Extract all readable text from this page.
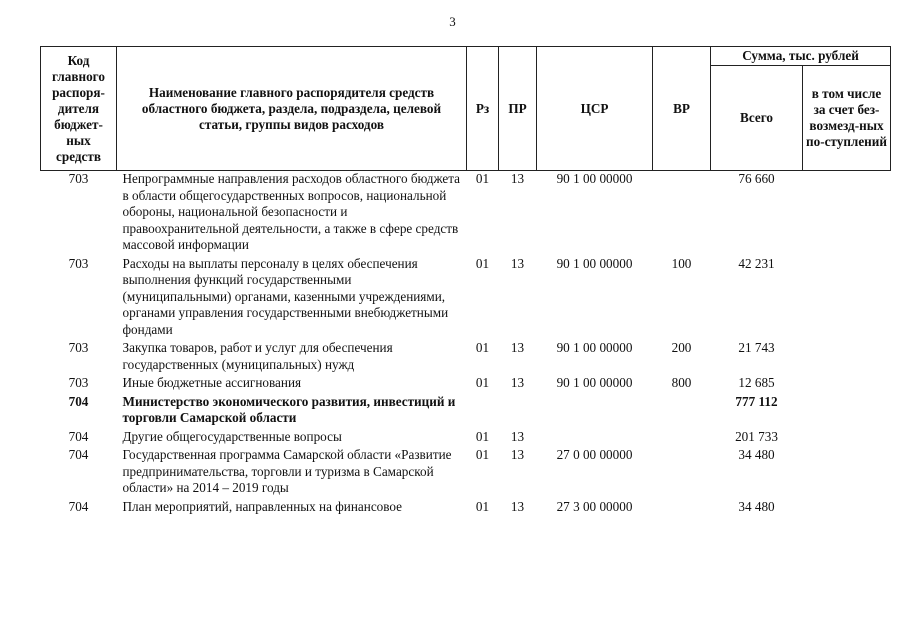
3
Код главного распоря-дителя бюджет-ных средств	Наименование главного распорядителя средств областного бюджета, раздела, подраздела, целевой статьи, группы видов расходов	Рз	ПР	ЦСР	ВР	Сумма, тыс. рублей	
						Всего	в том числе за счет без-возмезд-ных по-ступлений
703	Непрограммные направления расходов областного бюджета в области общегосударственных вопросов, национальной обороны, национальной безопасности и правоохранительной деятельности, а также в сфере средств массовой информации	01	13	90 1 00 00000		76 660	
703	Расходы на выплаты персоналу в целях обеспечения выполнения функций государственными (муниципальными) органами, казенными учреждениями, органами управления государственными внебюджетными фондами	01	13	90 1 00 00000	100	42 231	
703	Закупка товаров, работ и услуг для обеспечения государственных (муниципальных) нужд	01	13	90 1 00 00000	200	21 743	
703	Иные бюджетные ассигнования	01	13	90 1 00 00000	800	12 685	
704	Министерство экономического развития, инвестиций и торговли Самарской области					777 112	
704	Другие общегосударственные вопросы	01	13			201 733	
704	Государственная программа Самарской области «Развитие предпринимательства, торговли и туризма в Самарской области» на 2014 – 2019 годы	01	13	27 0 00 00000		34 480	
704	План мероприятий, направленных на финансовое	01	13	27 3 00 00000		34 480	
